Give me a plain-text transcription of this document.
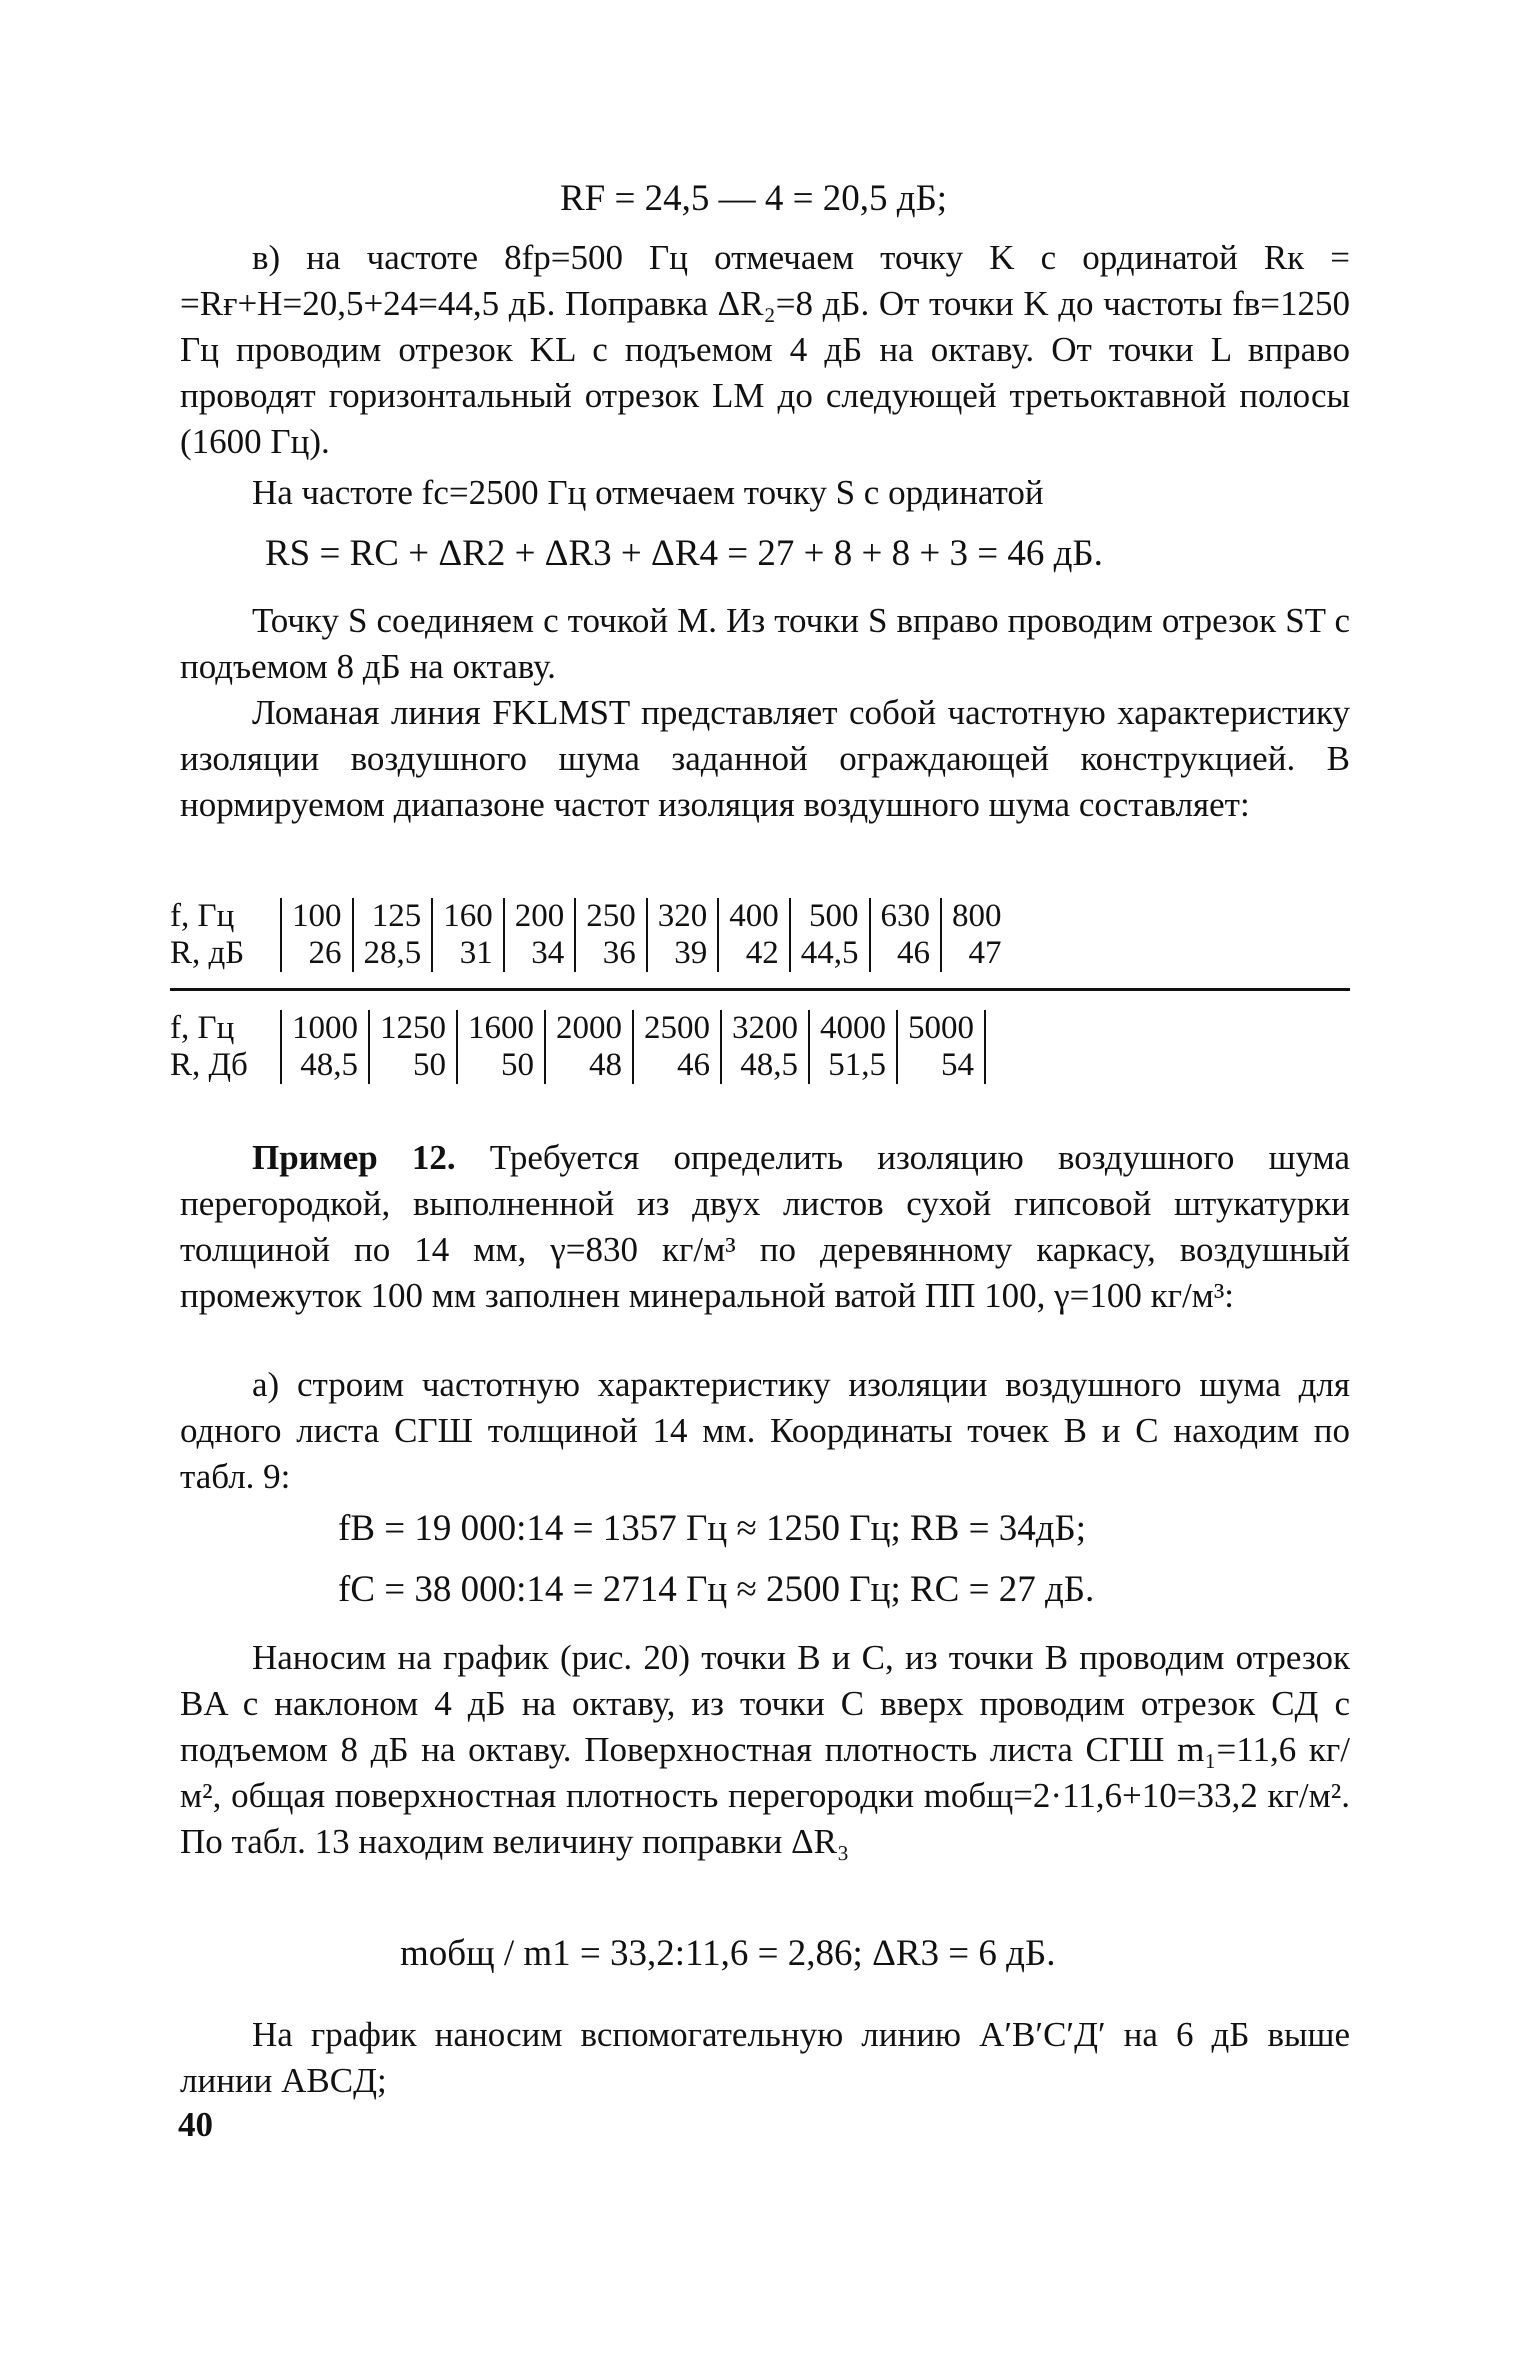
RF = 24,5 — 4 = 20,5 дБ;

в) на частоте 8fр=500 Гц отмечаем точку K с ординатой Rк = =Rғ+H=20,5+24=44,5 дБ. Поправка ΔR₂=8 дБ. От точки K до частоты fв=1250 Гц проводим отрезок KL с подъемом 4 дБ на октаву. От точки L вправо проводят горизонтальный отрезок LM до следующей третьоктавной полосы (1600 Гц).

На частоте fс=2500 Гц отмечаем точку S с ординатой

RS = RC + ΔR2 + ΔR3 + ΔR4 = 27 + 8 + 8 + 3 = 46 дБ.

Точку S соединяем с точкой M. Из точки S вправо проводим отрезок ST с подъемом 8 дБ на октаву.

Ломаная линия FKLMST представляет собой частотную характеристику изоляции воздушного шума заданной ограждающей конструкцией. В нормируемом диапазоне частот изоляция воздушного шума составляет:

f, Гц	100	125	160	200	250	320	400	500	630	800
R, дБ	26	28,5	31	34	36	39	42	44,5	46	47
f, Гц	1000	1250	1600	2000	2500	3200	4000	5000	
R, Дб	48,5	50	50	48	46	48,5	51,5	54	

Пример 12. Требуется определить изоляцию воздушного шума перегородкой, выполненной из двух листов сухой гипсовой штукатурки толщиной по 14 мм, γ=830 кг/м³ по деревянному каркасу, воздушный промежуток 100 мм заполнен минеральной ватой ПП 100, γ=100 кг/м³:

а) строим частотную характеристику изоляции воздушного шума для одного листа СГШ толщиной 14 мм. Координаты точек B и C находим по табл. 9:

fB = 19 000:14 = 1357 Гц ≈ 1250 Гц; RB = 34дБ;

fC = 38 000:14 = 2714 Гц ≈ 2500 Гц; RC = 27 дБ.

Наносим на график (рис. 20) точки B и C, из точки B проводим отрезок BA с наклоном 4 дБ на октаву, из точки C вверх проводим отрезок CД с подъемом 8 дБ на октаву. Поверхностная плотность листа СГШ m₁=11,6 кг/м², общая поверхностная плотность перегородки mобщ=2·11,6+10=33,2 кг/м². По табл. 13 находим величину поправки ΔR₃

mобщ / m1 = 33,2:11,6 = 2,86; ΔR3 = 6 дБ.

На график наносим вспомогательную линию A′B′C′Д′ на 6 дБ выше линии ABCД;

40
